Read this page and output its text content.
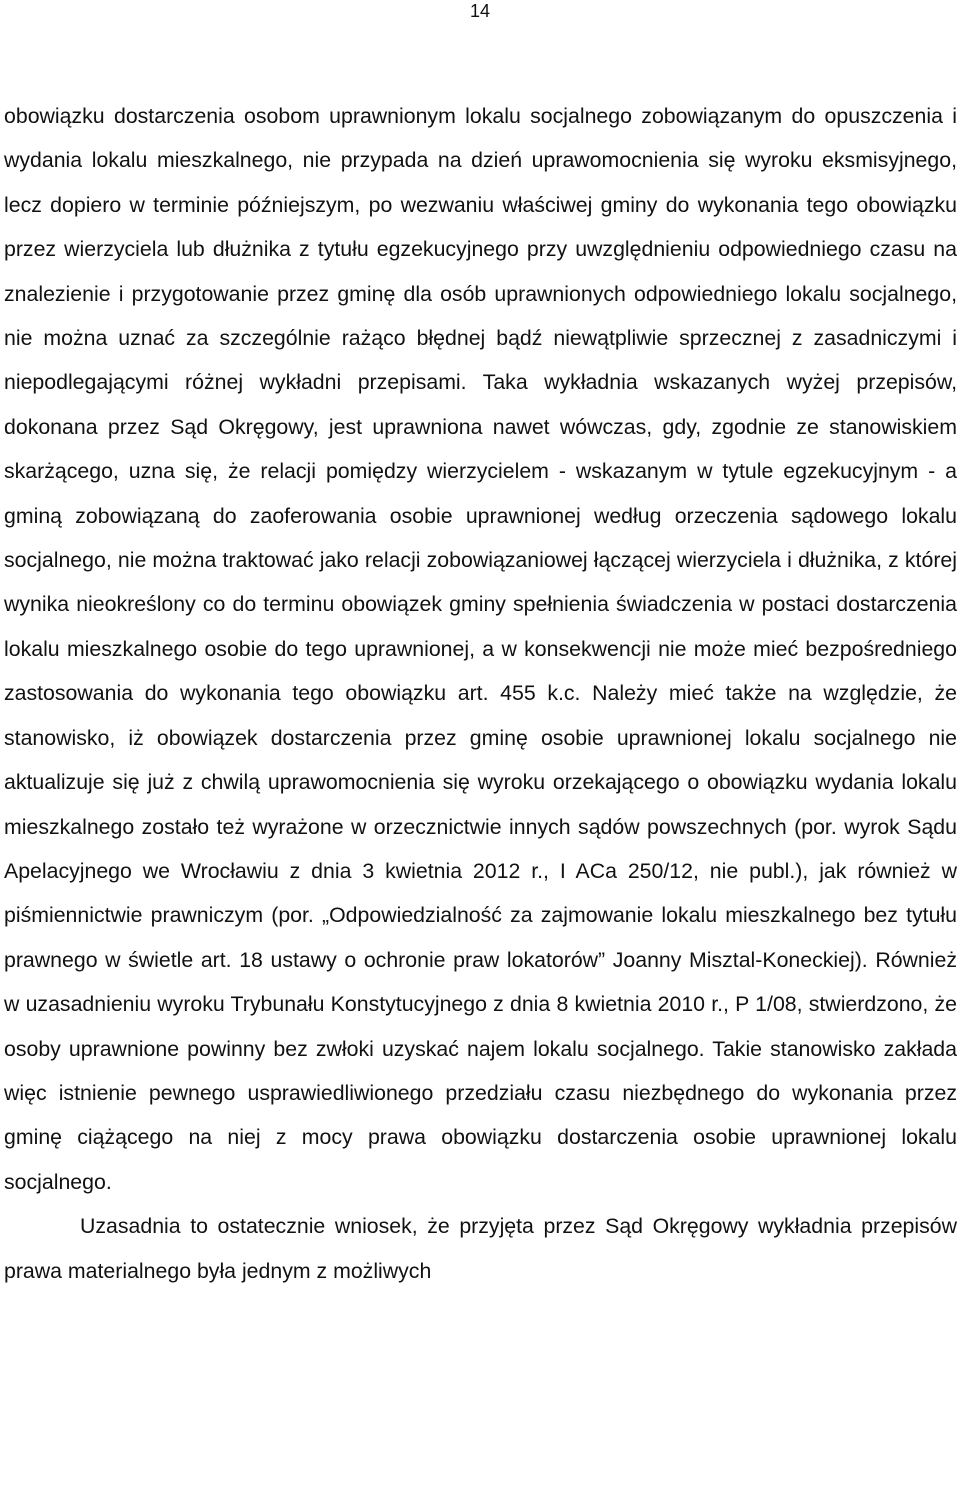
14

obowiązku dostarczenia osobom uprawnionym lokalu socjalnego zobowiązanym do opuszczenia i wydania lokalu mieszkalnego, nie przypada na dzień uprawomocnienia się wyroku eksmisyjnego, lecz dopiero w terminie późniejszym, po wezwaniu właściwej gminy do wykonania tego obowiązku przez wierzyciela lub dłużnika z tytułu egzekucyjnego przy uwzględnieniu odpowiedniego czasu na znalezienie i przygotowanie przez gminę dla osób uprawnionych odpowiedniego lokalu socjalnego, nie można uznać za szczególnie rażąco błędnej bądź niewątpliwie sprzecznej z zasadniczymi i niepodlegającymi różnej wykładni przepisami. Taka wykładnia wskazanych wyżej przepisów, dokonana przez Sąd Okręgowy, jest uprawniona nawet wówczas, gdy, zgodnie ze stanowiskiem skarżącego, uzna się, że relacji pomiędzy wierzycielem - wskazanym w tytule egzekucyjnym - a gminą zobowiązaną do zaoferowania osobie uprawnionej według orzeczenia sądowego lokalu socjalnego, nie można traktować jako relacji zobowiązaniowej łączącej wierzyciela i dłużnika, z której wynika nieokreślony co do terminu obowiązek gminy spełnienia świadczenia w postaci dostarczenia lokalu mieszkalnego osobie do tego uprawnionej, a w konsekwencji nie może mieć bezpośredniego zastosowania do wykonania tego obowiązku art. 455 k.c. Należy mieć także na względzie, że stanowisko, iż obowiązek dostarczenia przez gminę osobie uprawnionej lokalu socjalnego nie aktualizuje się już z chwilą uprawomocnienia się wyroku orzekającego o obowiązku wydania lokalu mieszkalnego zostało też wyrażone w orzecznictwie innych sądów powszechnych (por. wyrok Sądu Apelacyjnego we Wrocławiu z dnia 3 kwietnia 2012 r., I ACa 250/12, nie publ.), jak również w piśmiennictwie prawniczym (por. „Odpowiedzialność za zajmowanie lokalu mieszkalnego bez tytułu prawnego w świetle art. 18 ustawy o ochronie praw lokatorów” Joanny Misztal-Koneckiej). Również w uzasadnieniu wyroku Trybunału Konstytucyjnego z dnia 8 kwietnia 2010 r., P 1/08, stwierdzono, że osoby uprawnione powinny bez zwłoki uzyskać najem lokalu socjalnego. Takie stanowisko zakłada więc istnienie pewnego usprawiedliwionego przedziału czasu niezbędnego do wykonania przez gminę ciążącego na niej z mocy prawa obowiązku dostarczenia osobie uprawnionej lokalu socjalnego.

Uzasadnia to ostatecznie wniosek, że przyjęta przez Sąd Okręgowy wykładnia przepisów prawa materialnego była jednym z możliwych
